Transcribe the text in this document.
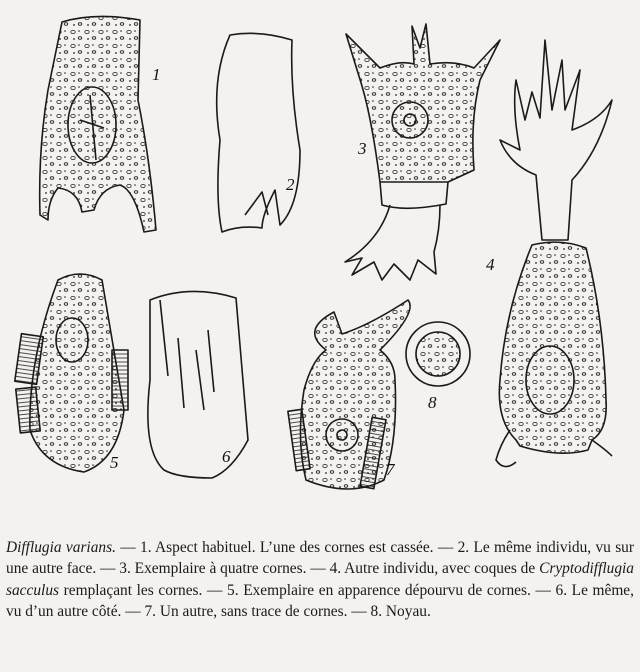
1
2
3
4
5	6
7
8
Difflugia varians. — 1. Aspect habituel. L’une des cornes est cassée. — 2. Le même individu, vu sur une autre face. — 3. Exemplaire à quatre cornes. — 4. Autre individu, avec coques de Cryptodifflugia sacculus remplaçant les cornes. — 5. Exemplaire en apparence dépourvu de cornes. — 6. Le même, vu d’un autre côté. — 7. Un autre, sans trace de cornes. — 8. Noyau.
